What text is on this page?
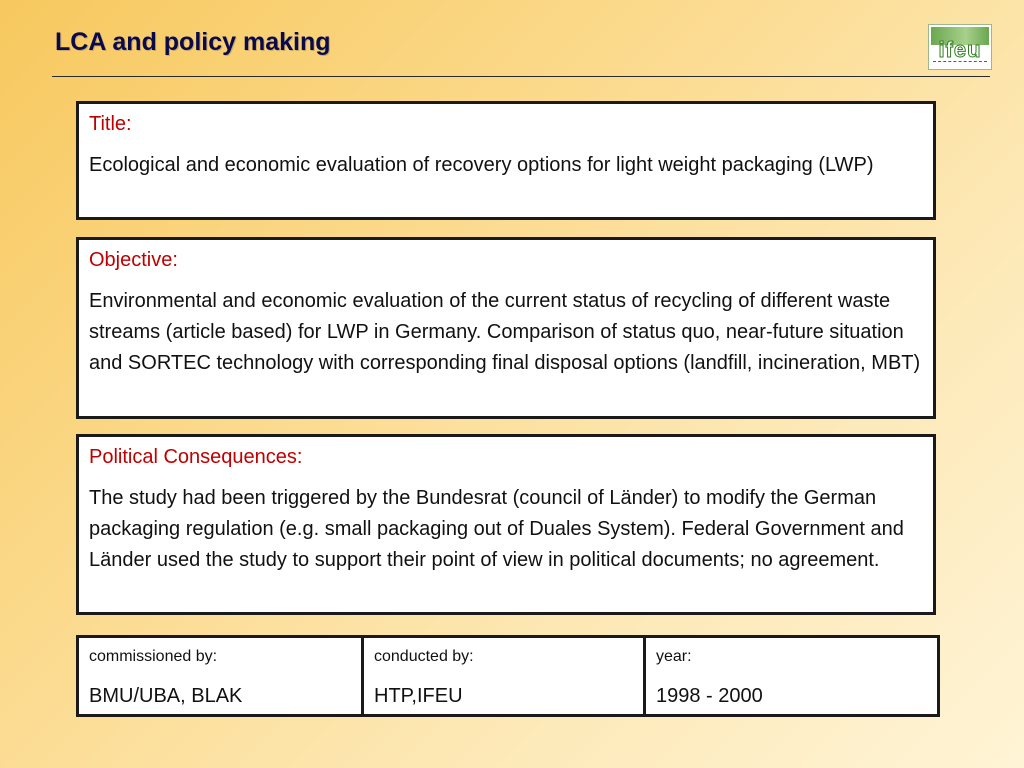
LCA and policy making	ifeu

Title:

Ecological and economic evaluation of recovery options for light weight packaging (LWP)

Objective:

Environmental and economic evaluation of the current status of recycling of different waste streams (article based) for LWP in Germany. Comparison of status quo, near-future situation and SORTEC technology with corresponding final disposal options (landfill, incineration, MBT)

Political Consequences:

The study had been triggered by the Bundesrat (council of Länder) to modify the German packaging regulation (e.g. small packaging out of Duales System). Federal Government and Länder used the study to support their point of view in political documents; no agreement.

commissioned by:

BMU/UBA, BLAK

conducted by:

HTP,IFEU

year:

1998 - 2000
